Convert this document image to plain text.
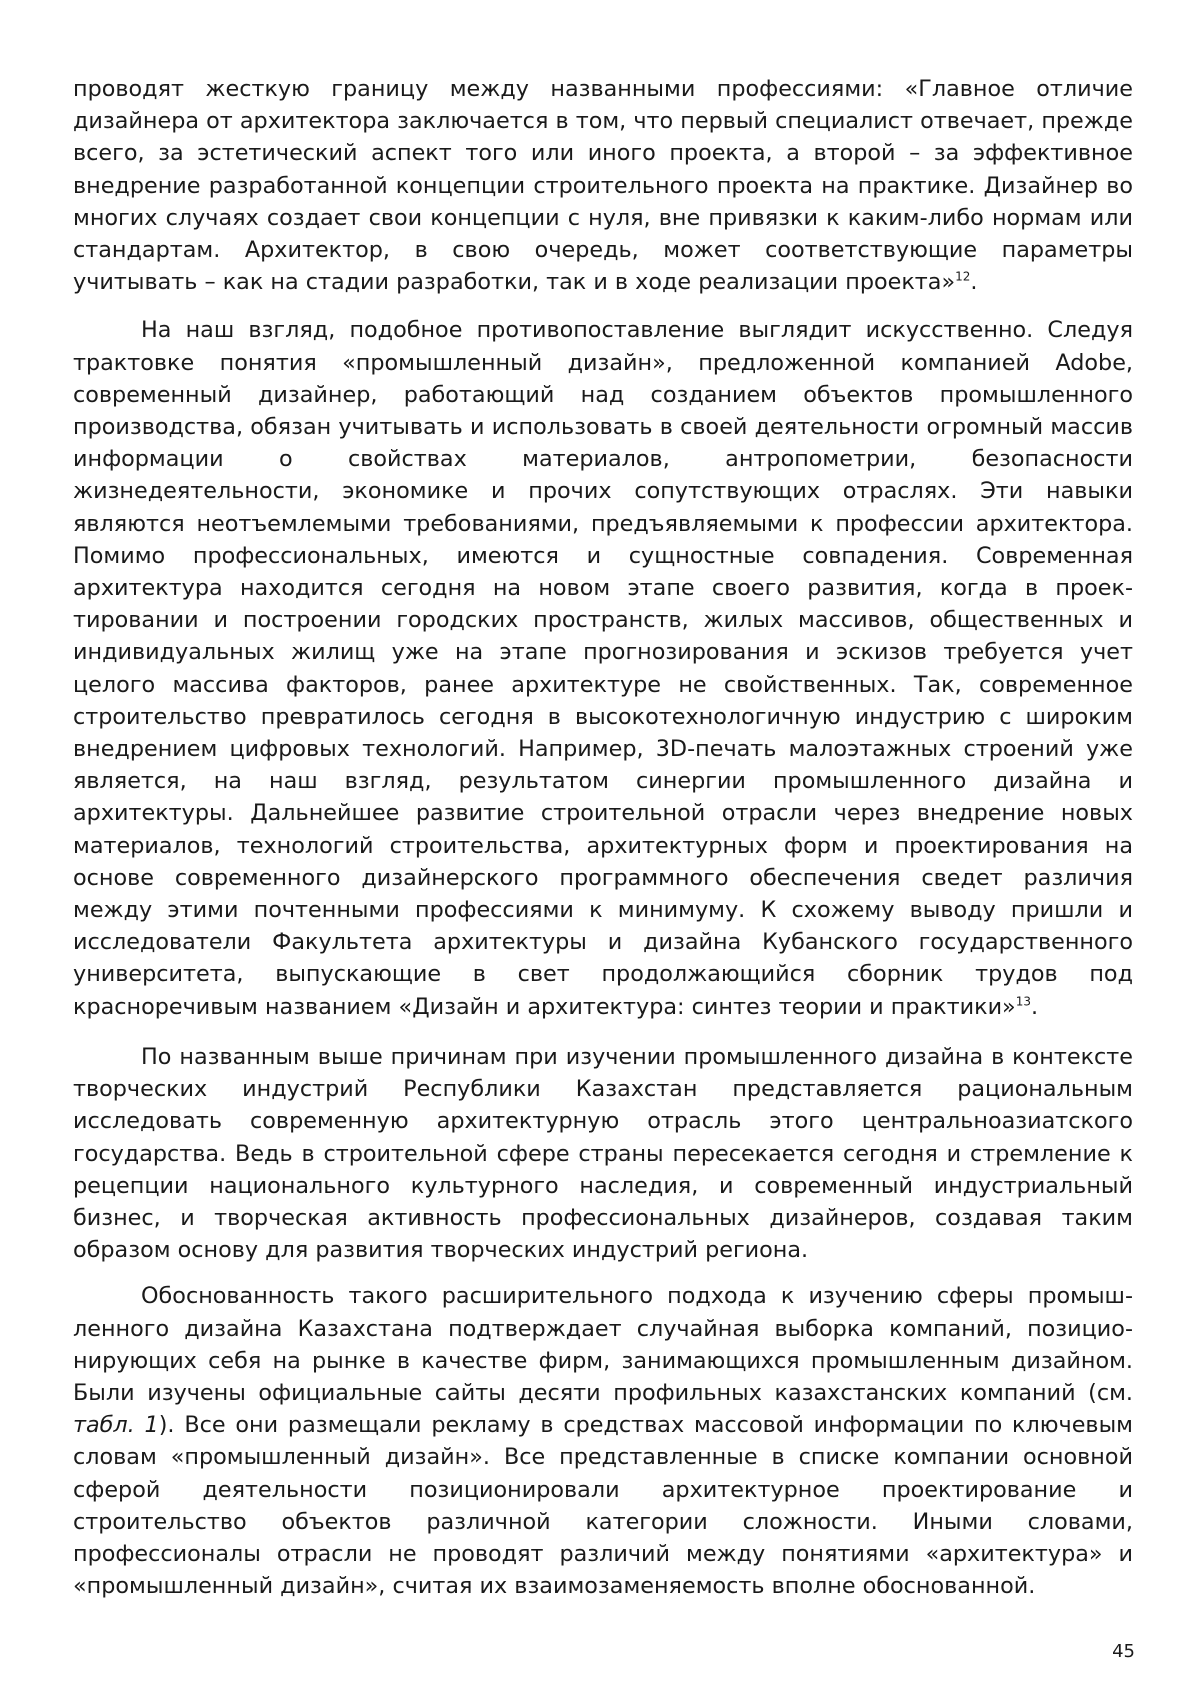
проводят жесткую границу между названными профессиями: «Главное отличие дизайнера от архитектора заключается в том, что первый специалист отвечает, прежде всего, за эстетический аспект того или иного проекта, а второй – за эффективное внедрение разработанной концепции строительного проекта на практике. Дизайнер во многих случаях создает свои концепции с нуля, вне привязки к каким-либо нормам или стандартам. Архитектор, в свою очередь, может соответствующие параметры учитывать – как на стадии разработки, так и в ходе реализации проекта»$^{12}$.

На наш взгляд, подобное противопоставление выглядит искусственно. Следуя трактовке понятия «промышленный дизайн», предложенной компанией Adobe, современный дизайнер, работающий над созданием объектов промышленного производства, обязан учитывать и использовать в своей деятельности огромный массив информации о свойствах материалов, антропометрии, безопасности жизнедеятельности, экономике и прочих сопутствующих отраслях. Эти навыки являются неотъемлемыми требованиями, предъявляемыми к профессии архитектора. Помимо профессиональных, имеются и сущностные совпадения. Современная архитектура находится сегодня на новом этапе своего развития, когда в проектировании и построении городских пространств, жилых массивов, общественных и индивидуальных жилищ уже на этапе прогнозирования и эскизов требуется учет целого массива факторов, ранее архитектуре не свойственных. Так, современное строительство превратилось сегодня в высокотехнологичную индустрию с широким внедрением цифровых технологий. Например, 3D-печать малоэтажных строений уже является, на наш взгляд, результатом синергии промышленного дизайна и архитектуры. Дальнейшее развитие строительной отрасли через внедрение новых материалов, технологий строительства, архитектурных форм и проектирования на основе современного дизайнерского программного обеспечения сведет различия между этими почтенными профессиями к минимуму. К схожему выводу пришли и исследователи Факультета архитектуры и дизайна Кубанского государственного университета, выпускающие в свет продолжающийся сборник трудов под красноречивым названием «Дизайн и архитектура: синтез теории и практики»$^{13}$.

По названным выше причинам при изучении промышленного дизайна в контексте творческих индустрий Республики Казахстан представляется рациональным исследовать современную архитектурную отрасль этого центральноазиатского государства. Ведь в строительной сфере страны пересекается сегодня и стремление к рецепции национального культурного наследия, и современный индустриальный бизнес, и творческая активность профессиональных дизайнеров, создавая таким образом основу для развития творческих индустрий региона.

Обоснованность такого расширительного подхода к изучению сферы промышленного дизайна Казахстана подтверждает случайная выборка компаний, позиционирующих себя на рынке в качестве фирм, занимающихся промышленным дизайном. Были изучены официальные сайты десяти профильных казахстанских компаний (см. табл. 1). Все они размещали рекламу в средствах массовой информации по ключевым словам «промышленный дизайн». Все представленные в списке компании основной сферой деятельности позиционировали архитектурное проектирование и строительство объектов различной категории сложности. Иными словами, профессионалы отрасли не проводят различий между понятиями «архитектура» и «промышленный дизайн», считая их взаимозаменяемость вполне обоснованной.

45
